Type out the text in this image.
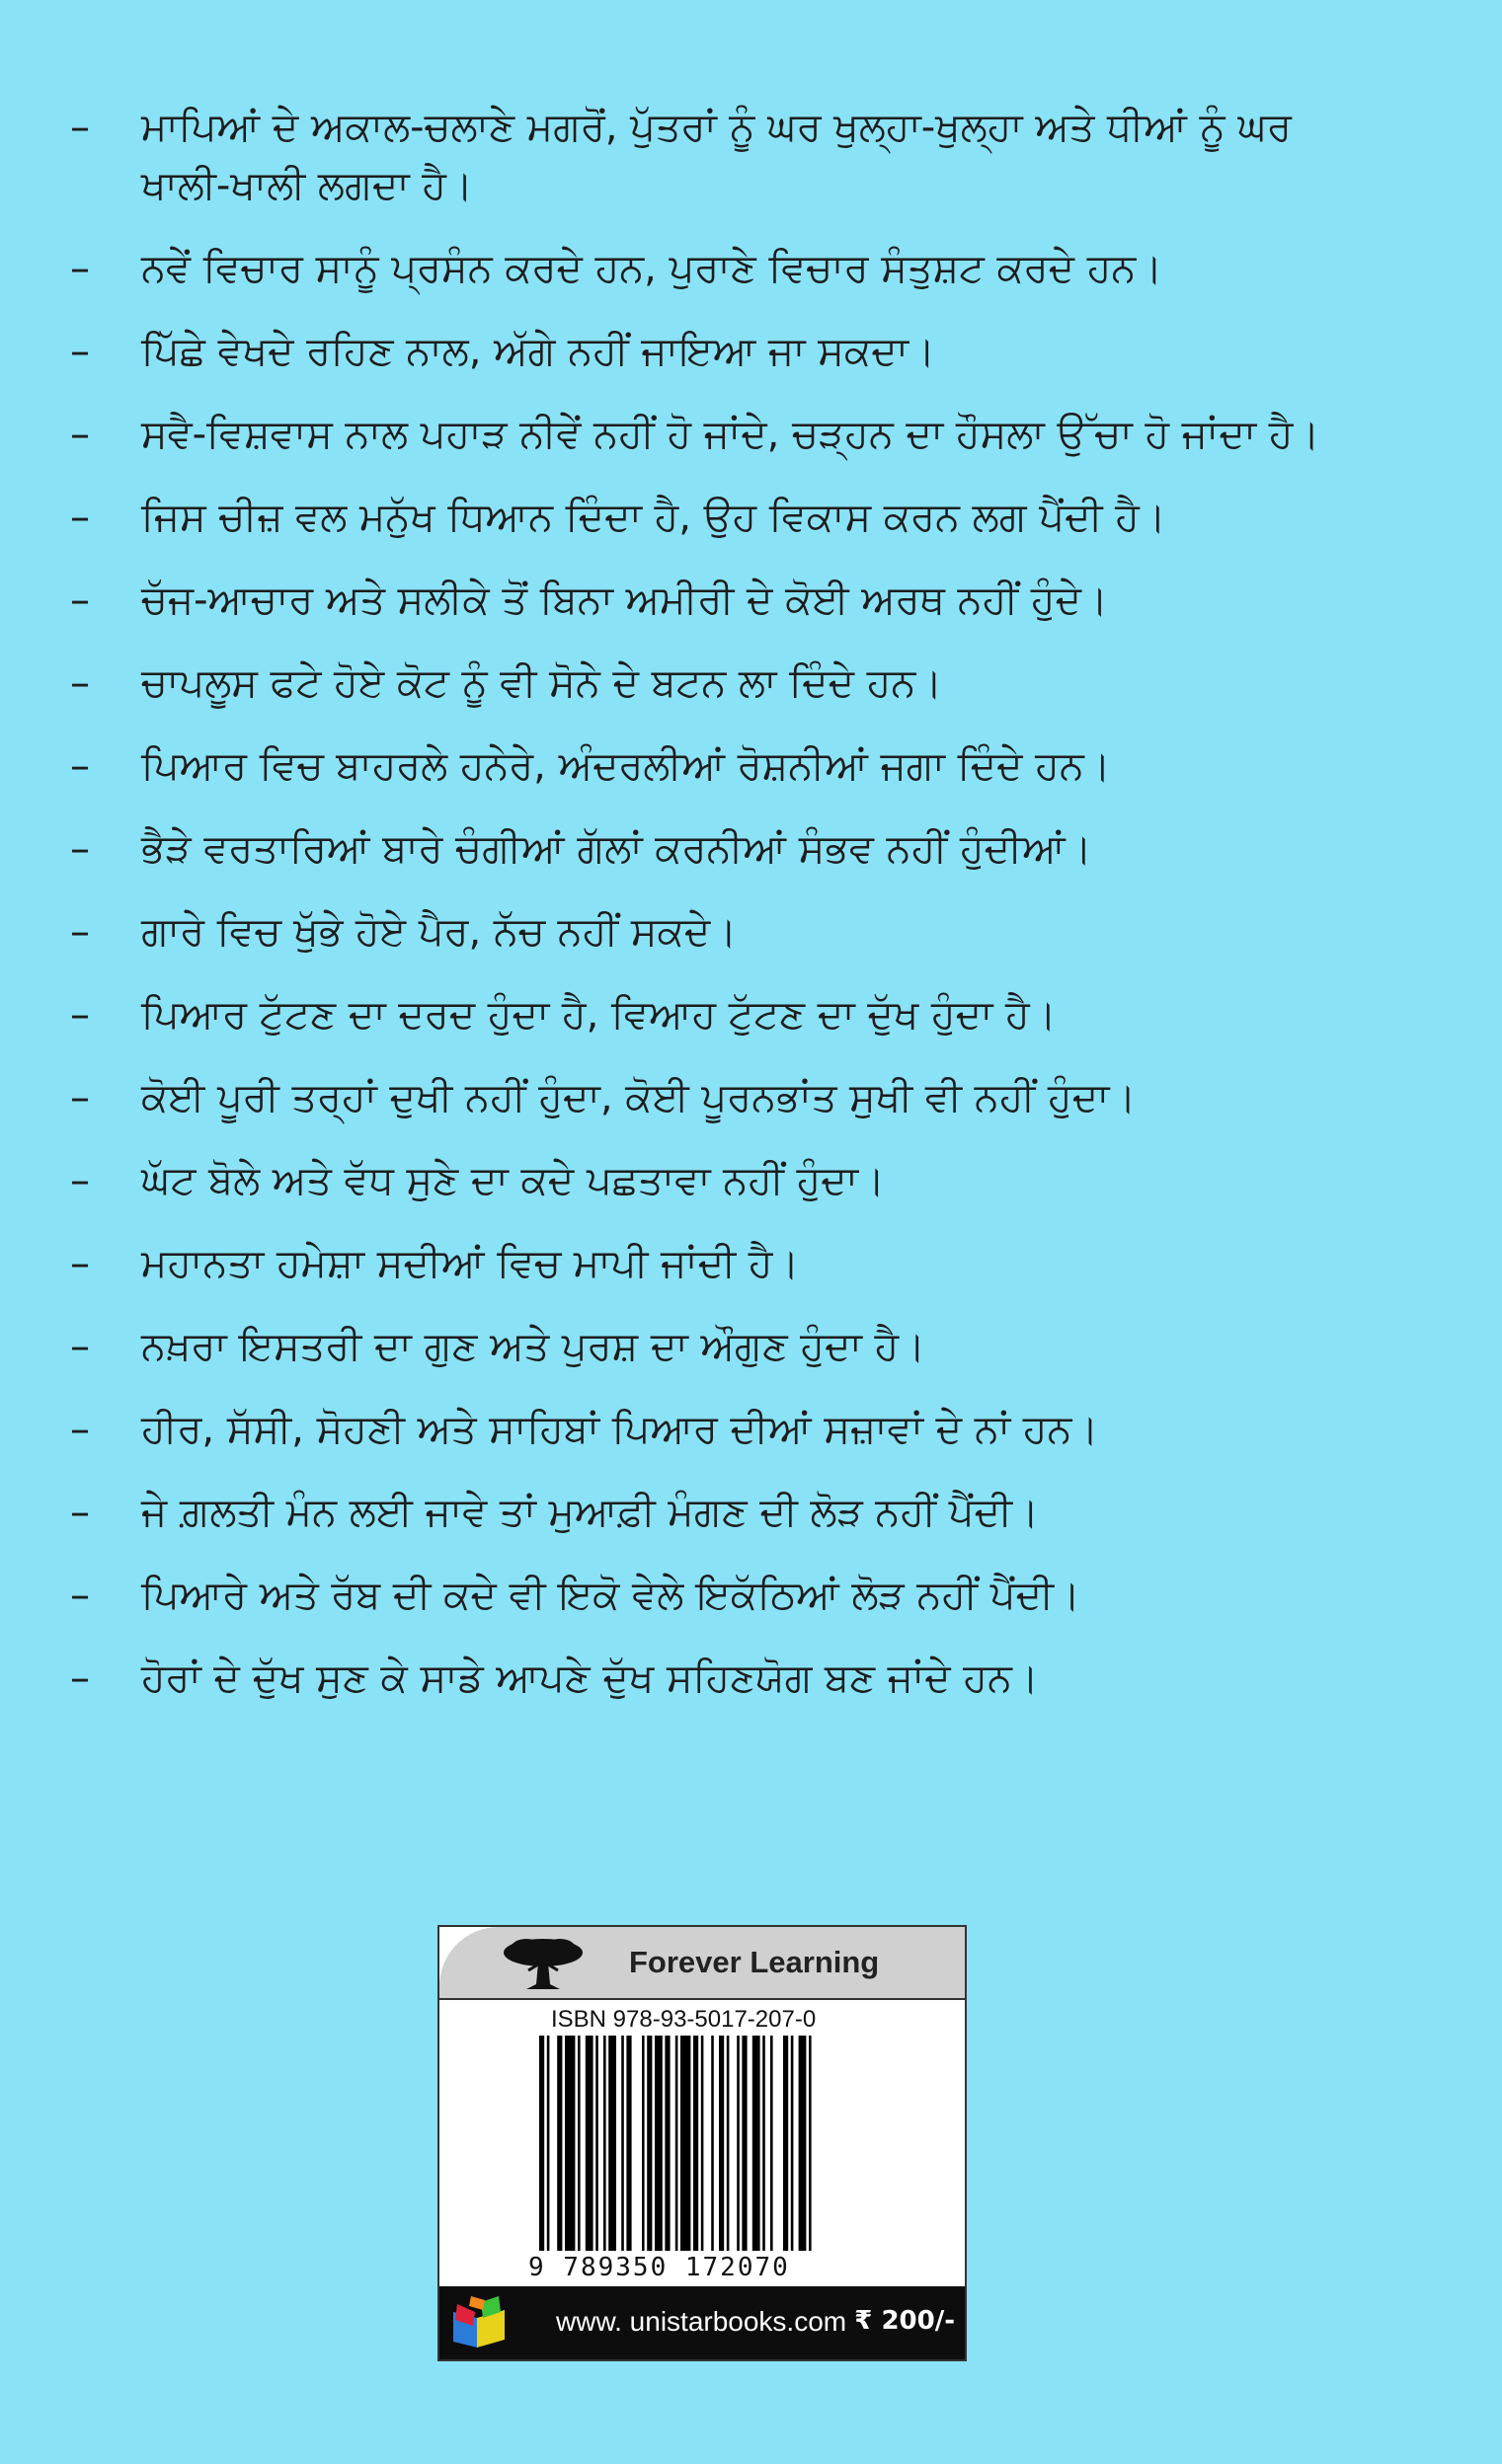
– ਮਾਪਿਆਂ ਦੇ ਅਕਾਲ-ਚਲਾਣੇ ਮਗਰੋਂ, ਪੁੱਤਰਾਂ ਨੂੰ ਘਰ ਖੁਲ੍ਹਾ-ਖੁਲ੍ਹਾ ਅਤੇ ਧੀਆਂ ਨੂੰ ਘਰ ਖਾਲੀ-ਖਾਲੀ ਲਗਦਾ ਹੈ।
– ਨਵੇਂ ਵਿਚਾਰ ਸਾਨੂੰ ਪ੍ਰਸੰਨ ਕਰਦੇ ਹਨ, ਪੁਰਾਣੇ ਵਿਚਾਰ ਸੰਤੁਸ਼ਟ ਕਰਦੇ ਹਨ।
– ਪਿੱਛੇ ਵੇਖਦੇ ਰਹਿਣ ਨਾਲ, ਅੱਗੇ ਨਹੀਂ ਜਾਇਆ ਜਾ ਸਕਦਾ।
– ਸਵੈ-ਵਿਸ਼ਵਾਸ ਨਾਲ ਪਹਾੜ ਨੀਵੇਂ ਨਹੀਂ ਹੋ ਜਾਂਦੇ, ਚੜ੍ਹਨ ਦਾ ਹੌਸਲਾ ਉੱਚਾ ਹੋ ਜਾਂਦਾ ਹੈ।
– ਜਿਸ ਚੀਜ਼ ਵਲ ਮਨੁੱਖ ਧਿਆਨ ਦਿੰਦਾ ਹੈ, ਉਹ ਵਿਕਾਸ ਕਰਨ ਲਗ ਪੈਂਦੀ ਹੈ।
– ਚੱਜ-ਆਚਾਰ ਅਤੇ ਸਲੀਕੇ ਤੋਂ ਬਿਨਾ ਅਮੀਰੀ ਦੇ ਕੋਈ ਅਰਥ ਨਹੀਂ ਹੁੰਦੇ।
– ਚਾਪਲੂਸ ਫਟੇ ਹੋਏ ਕੋਟ ਨੂੰ ਵੀ ਸੋਨੇ ਦੇ ਬਟਨ ਲਾ ਦਿੰਦੇ ਹਨ।
– ਪਿਆਰ ਵਿਚ ਬਾਹਰਲੇ ਹਨੇਰੇ, ਅੰਦਰਲੀਆਂ ਰੋਸ਼ਨੀਆਂ ਜਗਾ ਦਿੰਦੇ ਹਨ।
– ਭੈੜੇ ਵਰਤਾਰਿਆਂ ਬਾਰੇ ਚੰਗੀਆਂ ਗੱਲਾਂ ਕਰਨੀਆਂ ਸੰਭਵ ਨਹੀਂ ਹੁੰਦੀਆਂ।
– ਗਾਰੇ ਵਿਚ ਖੁੱਭੇ ਹੋਏ ਪੈਰ, ਨੱਚ ਨਹੀਂ ਸਕਦੇ।
– ਪਿਆਰ ਟੁੱਟਣ ਦਾ ਦਰਦ ਹੁੰਦਾ ਹੈ, ਵਿਆਹ ਟੁੱਟਣ ਦਾ ਦੁੱਖ ਹੁੰਦਾ ਹੈ।
– ਕੋਈ ਪੂਰੀ ਤਰ੍ਹਾਂ ਦੁਖੀ ਨਹੀਂ ਹੁੰਦਾ, ਕੋਈ ਪੂਰਨਭਾਂਤ ਸੁਖੀ ਵੀ ਨਹੀਂ ਹੁੰਦਾ।
– ਘੱਟ ਬੋਲੇ ਅਤੇ ਵੱਧ ਸੁਣੇ ਦਾ ਕਦੇ ਪਛਤਾਵਾ ਨਹੀਂ ਹੁੰਦਾ।
– ਮਹਾਨਤਾ ਹਮੇਸ਼ਾ ਸਦੀਆਂ ਵਿਚ ਮਾਪੀ ਜਾਂਦੀ ਹੈ।
– ਨਖ਼ਰਾ ਇਸਤਰੀ ਦਾ ਗੁਣ ਅਤੇ ਪੁਰਸ਼ ਦਾ ਔਗੁਣ ਹੁੰਦਾ ਹੈ।
– ਹੀਰ, ਸੱਸੀ, ਸੋਹਣੀ ਅਤੇ ਸਾਹਿਬਾਂ ਪਿਆਰ ਦੀਆਂ ਸਜ਼ਾਵਾਂ ਦੇ ਨਾਂ ਹਨ।
– ਜੇ ਗ਼ਲਤੀ ਮੰਨ ਲਈ ਜਾਵੇ ਤਾਂ ਮੁਆਫ਼ੀ ਮੰਗਣ ਦੀ ਲੋੜ ਨਹੀਂ ਪੈਂਦੀ।
– ਪਿਆਰੇ ਅਤੇ ਰੱਬ ਦੀ ਕਦੇ ਵੀ ਇਕੋ ਵੇਲੇ ਇਕੱਠਿਆਂ ਲੋੜ ਨਹੀਂ ਪੈਂਦੀ।
– ਹੋਰਾਂ ਦੇ ਦੁੱਖ ਸੁਣ ਕੇ ਸਾਡੇ ਆਪਣੇ ਦੁੱਖ ਸਹਿਣਯੋਗ ਬਣ ਜਾਂਦੇ ਹਨ।
Forever Learning
ISBN 978-93-5017-207-0
9 789350 172070
www. unistarbooks.com ₹ 200/-
